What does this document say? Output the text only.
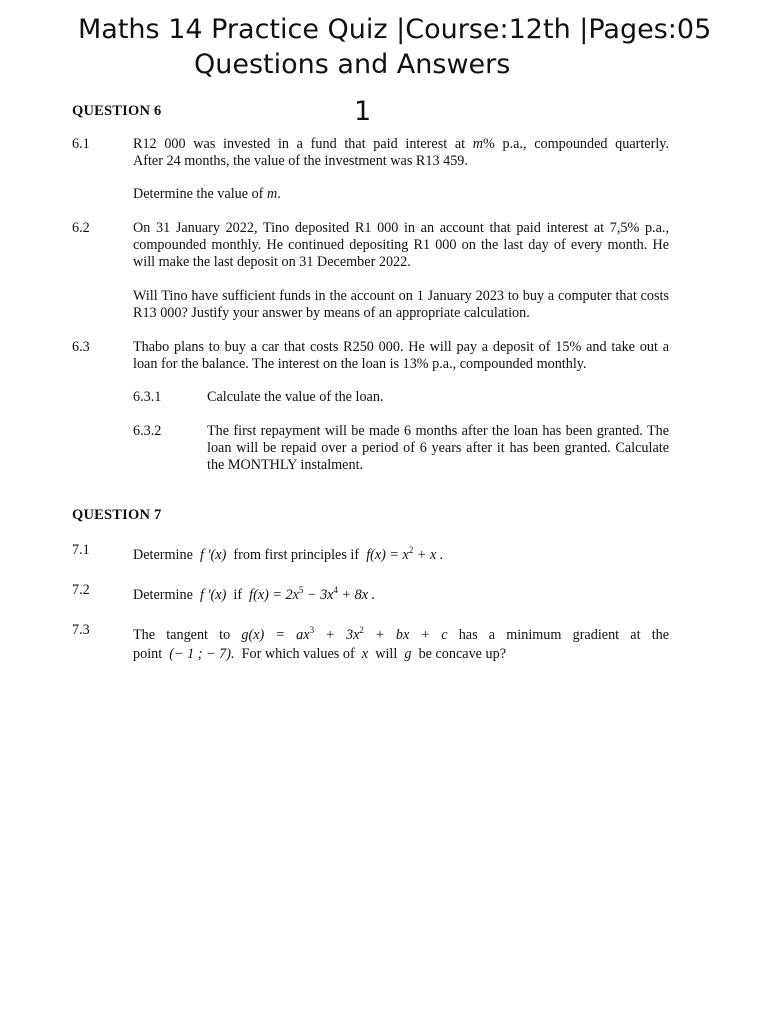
Maths 14 Practice Quiz |Course:12th |Pages:05
Questions and Answers
1
QUESTION 6
6.1	R12 000 was invested in a fund that paid interest at m% p.a., compounded quarterly.
After 24 months, the value of the investment was R13 459.
Determine the value of m.
6.2	On 31 January 2022, Tino deposited R1 000 in an account that paid interest at 7,5% p.a., compounded monthly. He continued depositing R1 000 on the last day of every month. He will make the last deposit on 31 December 2022.
Will Tino have sufficient funds in the account on 1 January 2023 to buy a computer that costs R13 000? Justify your answer by means of an appropriate calculation.
6.3	Thabo plans to buy a car that costs R250 000. He will pay a deposit of 15% and take out a loan for the balance. The interest on the loan is 13% p.a., compounded monthly.
6.3.1	Calculate the value of the loan.
6.3.2	The first repayment will be made 6 months after the loan has been granted. The loan will be repaid over a period of 6 years after it has been granted. Calculate the MONTHLY instalment.
QUESTION 7
7.1	Determine f ′(x) from first principles if $f(x) = x^2 + x$ .
7.2	Determine f ′(x) if $f(x) = 2x^5 - 3x^4 + 8x$ .
7.3	The tangent to $g(x) = ax^3 + 3x^2$ + bx + c has a minimum gradient at the
point (− 1 ; − 7). For which values of x will g be concave up?
